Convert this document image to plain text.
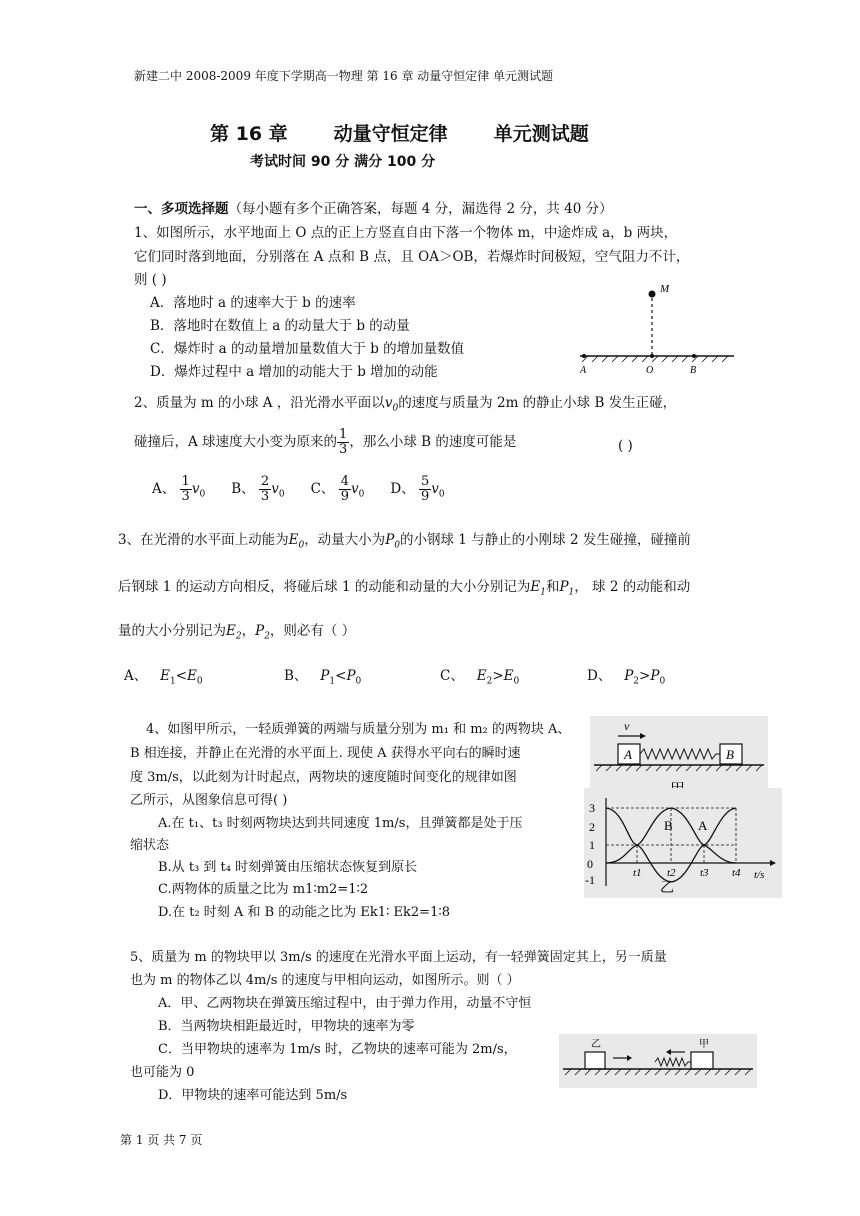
新建二中 2008-2009 年度下学期高一物理 第 16 章 动量守恒定律 单元测试题
第 16 章 动量守恒定律 单元测试题
考试时间 90 分 满分 100 分
一、多项选择题（每小题有多个正确答案，每题 4 分，漏选得 2 分，共 40 分）
1、如图所示，水平地面上 O 点的正上方竖直自由下落一个物体 m，中途炸成 a，b 两块，
它们同时落到地面，分别落在 A 点和 B 点，且 OA＞OB，若爆炸时间极短，空气阻力不计，
则 ( )
A．落地时 a 的速率大于 b 的速率
B．落地时在数值上 a 的动量大于 b 的动量
C．爆炸时 a 的动量增加量数值大于 b 的增加量数值
D．爆炸过程中 a 增加的动能大于 b 增加的动能
M
A	O	B
2、质量为 m 的小球 A ，沿光滑水平面以$v_0$的速度与质量为 2m 的静止小球 B 发生正碰，
碰撞后，A 球速度大小变为原来的 $\frac{1}{3}$ ，那么小球 B 的速度可能是	( )
A、 $\frac{1}{3} v_0$ B、 $\frac{2}{3} v_0$ C、 $\frac{4}{9} v_0$ D、 $\frac{5}{9} v_0$
3、在光滑的水平面上动能为$E_0$，动量大小为$P_0$的小钢球 1 与静止的小刚球 2 发生碰撞，碰撞前
后钢球 1 的运动方向相反，将碰后球 1 的动能和动量的大小分别记为$E_1$和$P_1$， 球 2 的动能和动
量的大小分别记为$E_2$，$P_2$，则必有（ ）
A、 $E_1<E_0$	B、 $P_1<P_0$	C、 $E_2>E_0$	D、 $P_2>P_0$
4、如图甲所示，一轻质弹簧的两端与质量分别为 m₁ 和 m₂ 的两物块 A、
B 相连接，并静止在光滑的水平面上. 现使 A 获得水平向右的瞬时速
度 3m/s，以此刻为计时起点，两物块的速度随时间变化的规律如图
乙所示，从图象信息可得( )
A.在 t₁、t₃ 时刻两物块达到共同速度 1m/s，且弹簧都是处于压
缩状态
B.从 t₃ 到 t₄ 时刻弹簧由压缩状态恢复到原长
C.两物体的质量之比为 m1∶m2=1∶2
D.在 t₂ 时刻 A 和 B 的动能之比为 Ek1∶ Ek2=1∶8
v
A	B
3
2
1
0
-1
B A
t1 t2 t3 t4 t/s
乙
5、质量为 m 的物块甲以 3m/s 的速度在光滑水平面上运动，有一轻弹簧固定其上，另一质量
也为 m 的物体乙以 4m/s 的速度与甲相向运动，如图所示。则（ ）
A．甲、乙两物块在弹簧压缩过程中，由于弹力作用，动量不守恒
B．当两物块相距最近时，甲物块的速率为零
C．当甲物块的速率为 1m/s 时，乙物块的速率可能为 2m/s，
也可能为 0
D．甲物块的速率可能达到 5m/s
乙	甲
第 1 页 共 7 页
